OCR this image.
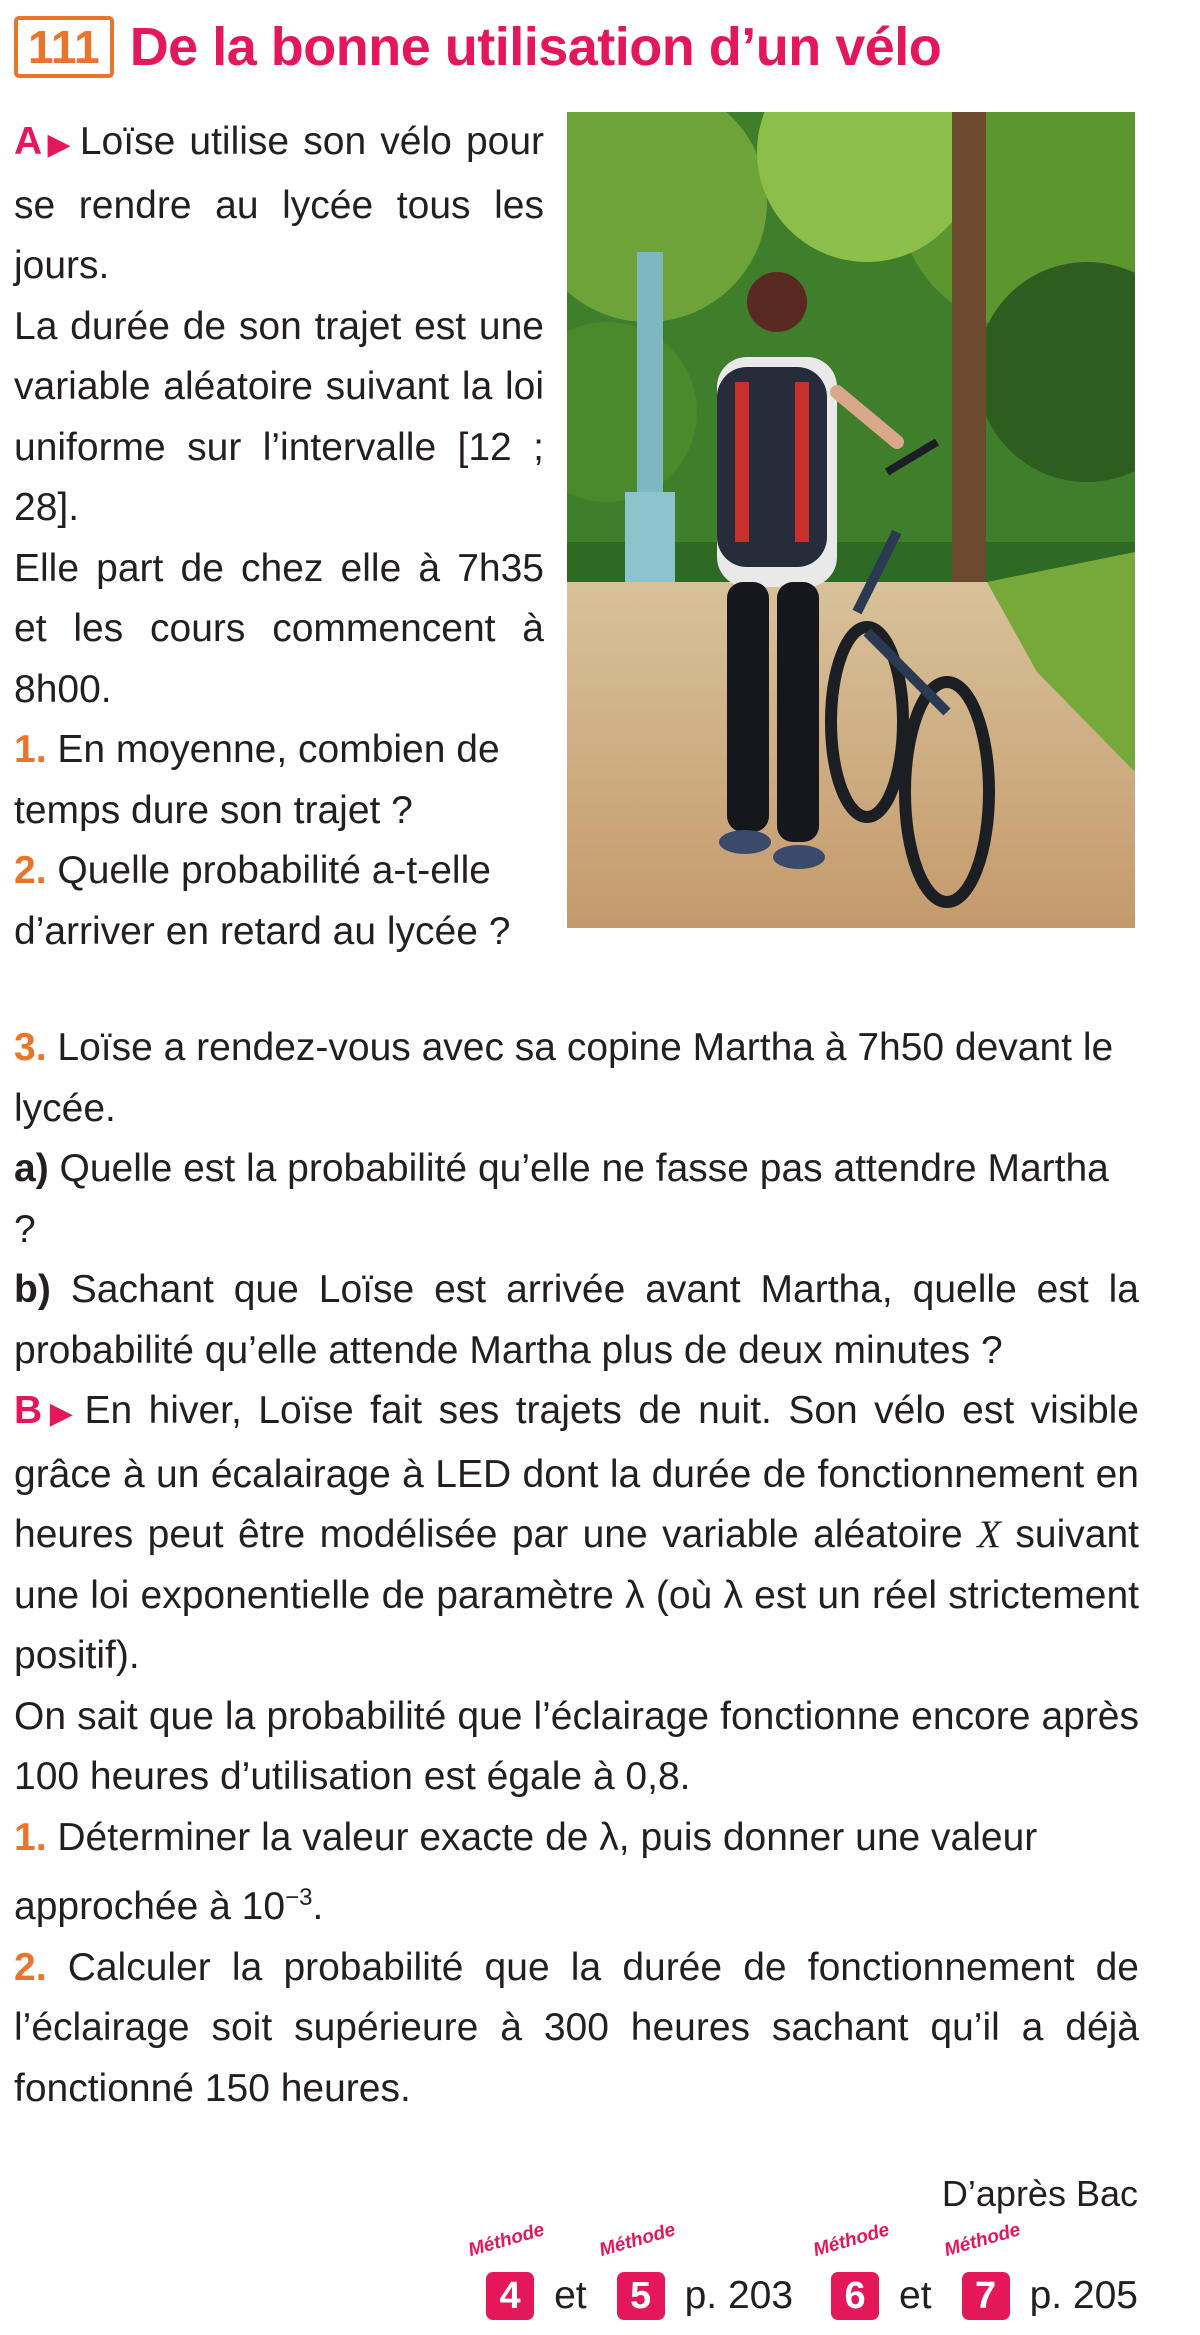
111 De la bonne utilisation d’un vélo

A▶ Loïse utilise son vélo pour se rendre au lycée tous les jours.

La durée de son trajet est une variable aléatoire suivant la loi uniforme sur l’intervalle [12 ; 28].

Elle part de chez elle à 7h35 et les cours commencent à 8h00.

1. En moyenne, combien de temps dure son trajet ?

2. Quelle probabilité a-t-elle d’arriver en retard au lycée ?

3. Loïse a rendez-vous avec sa copine Martha à 7h50 devant le lycée.

a) Quelle est la probabilité qu’elle ne fasse pas attendre Martha ?

b) Sachant que Loïse est arrivée avant Martha, quelle est la probabilité qu’elle attende Martha plus de deux minutes ?

B▶ En hiver, Loïse fait ses trajets de nuit. Son vélo est visible grâce à un écalairage à LED dont la durée de fonctionnement en heures peut être modélisée par une variable aléatoire X suivant une loi exponentielle de paramètre λ (où λ est un réel strictement positif).

On sait que la probabilité que l’éclairage fonctionne encore après 100 heures d’utilisation est égale à 0,8.

1. Déterminer la valeur exacte de λ, puis donner une valeur approchée à $10^{-3}$.

2. Calculer la probabilité que la durée de fonctionnement de l’éclairage soit supérieure à 300 heures sachant qu’il a déjà fonctionné 150 heures.

D’après Bac
Méthode
4 et
Méthode
5 p. 203
Méthode
6 et
Méthode
7 p. 205
